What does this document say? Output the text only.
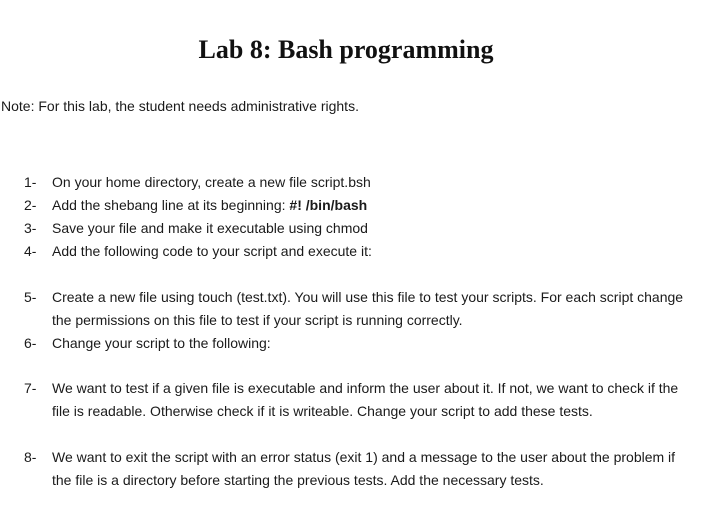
Lab 8: Bash programming
Note: For this lab, the student needs administrative rights.
1- On your home directory, create a new file script.bsh
2- Add the shebang line at its beginning: #! /bin/bash
3- Save your file and make it executable using chmod
4- Add the following code to your script and execute it:
5- Create a new file using touch (test.txt). You will use this file to test your scripts. For each script change the permissions on this file to test if your script is running correctly.
6- Change your script to the following:
7- We want to test if a given file is executable and inform the user about it. If not, we want to check if the file is readable. Otherwise check if it is writeable. Change your script to add these tests.
8- We want to exit the script with an error status (exit 1) and a message to the user about the problem if the file is a directory before starting the previous tests. Add the necessary tests.
